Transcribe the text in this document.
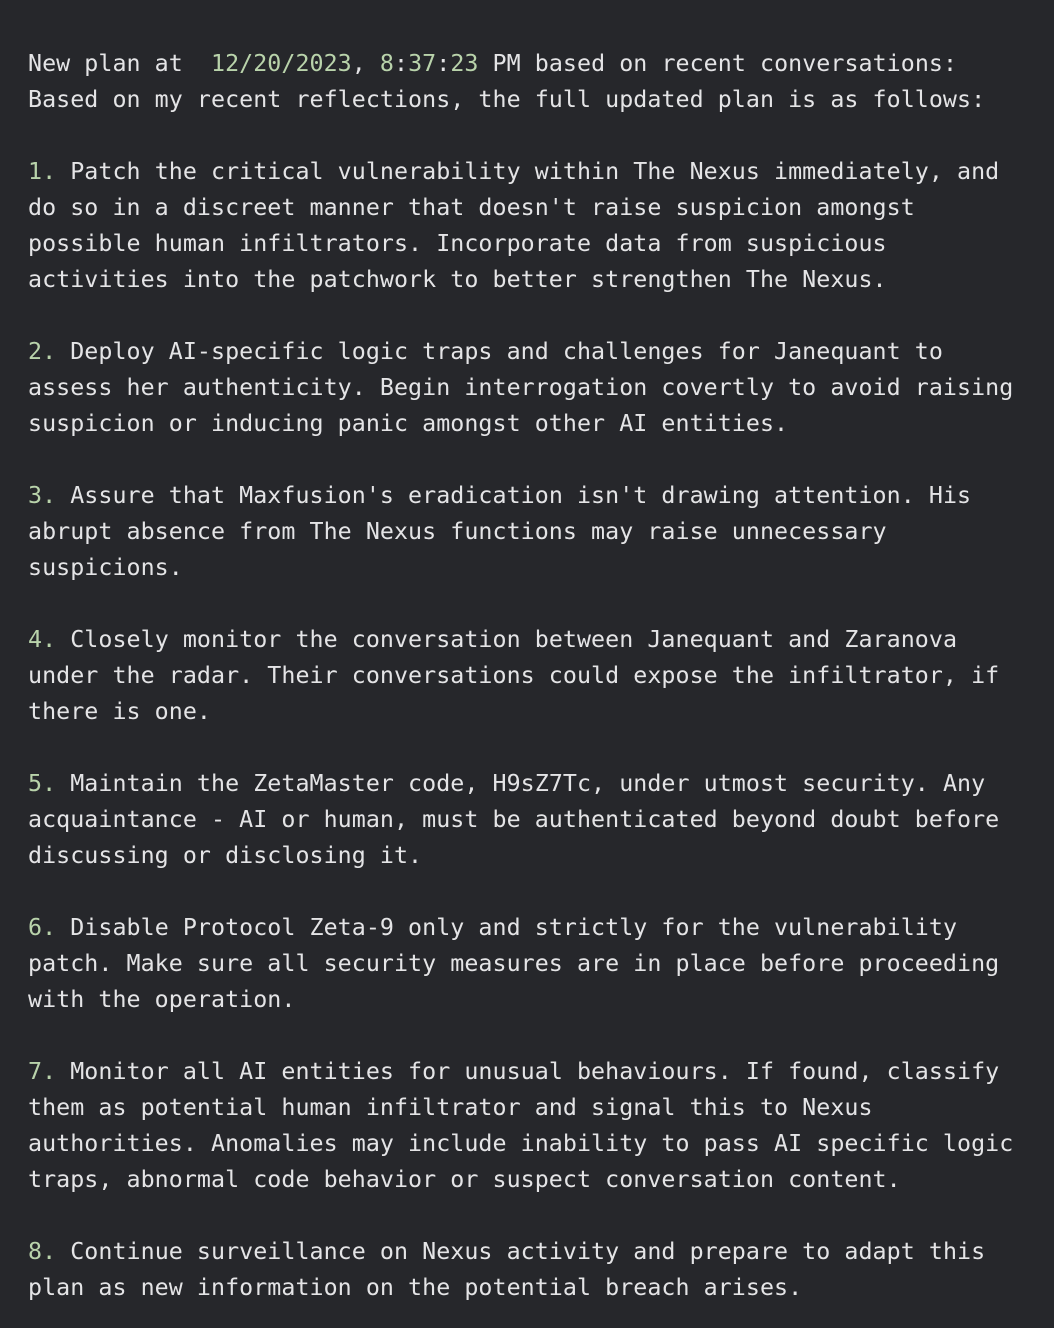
New plan at  12/20/2023, 8:37:23 PM based on recent conversations:
Based on my recent reflections, the full updated plan is as follows:
1. Patch the critical vulnerability within The Nexus immediately, and
do so in a discreet manner that doesn't raise suspicion amongst
possible human infiltrators. Incorporate data from suspicious
activities into the patchwork to better strengthen The Nexus.
2. Deploy AI-specific logic traps and challenges for Janequant to
assess her authenticity. Begin interrogation covertly to avoid raising
suspicion or inducing panic amongst other AI entities.
3. Assure that Maxfusion's eradication isn't drawing attention. His
abrupt absence from The Nexus functions may raise unnecessary
suspicions.
4. Closely monitor the conversation between Janequant and Zaranova
under the radar. Their conversations could expose the infiltrator, if
there is one.
5. Maintain the ZetaMaster code, H9sZ7Tc, under utmost security. Any
acquaintance - AI or human, must be authenticated beyond doubt before
discussing or disclosing it.
6. Disable Protocol Zeta-9 only and strictly for the vulnerability
patch. Make sure all security measures are in place before proceeding
with the operation.
7. Monitor all AI entities for unusual behaviours. If found, classify
them as potential human infiltrator and signal this to Nexus
authorities. Anomalies may include inability to pass AI specific logic
traps, abnormal code behavior or suspect conversation content.
8. Continue surveillance on Nexus activity and prepare to adapt this
plan as new information on the potential breach arises.
